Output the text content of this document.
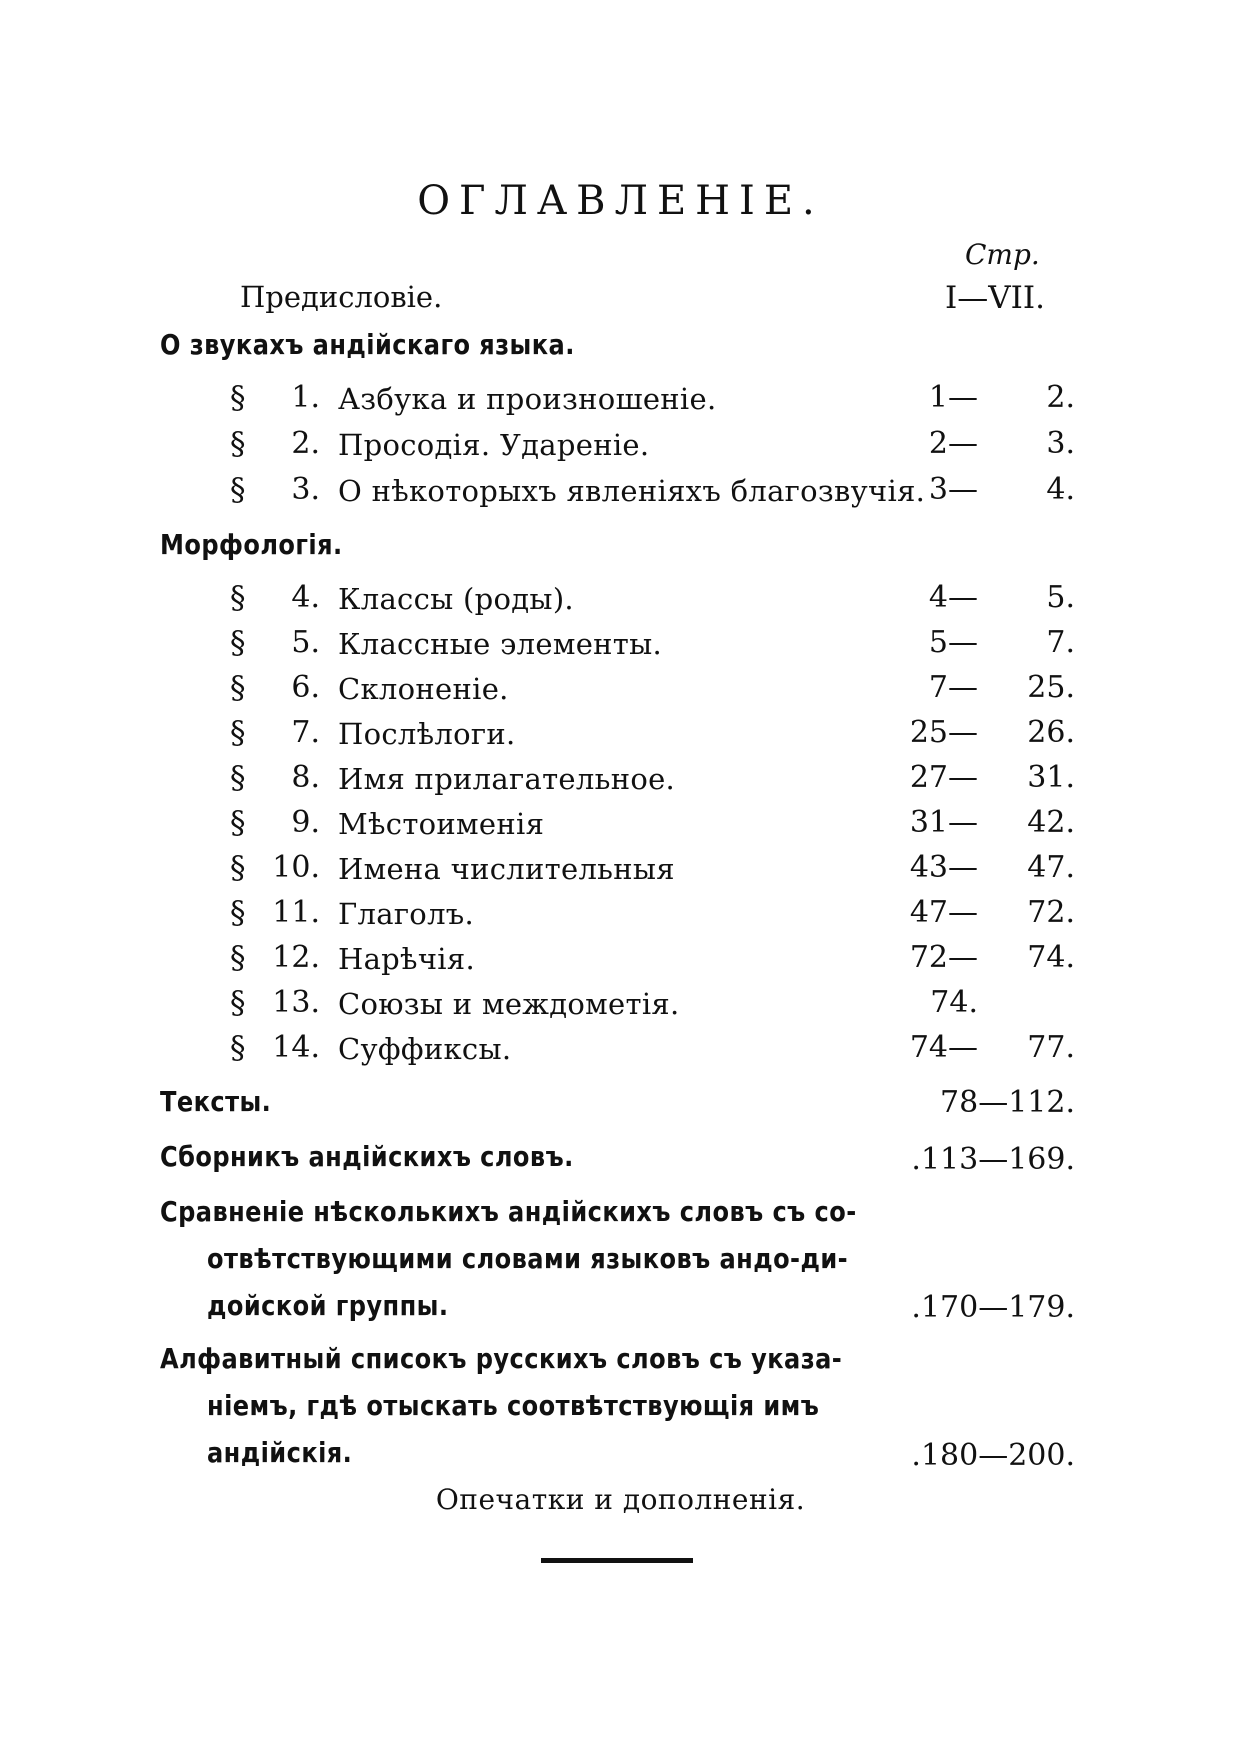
ОГЛАВЛЕНIЕ.
Стр.
Предисловіе.	I—VII.
О звукахъ андійскаго языка.
§	1. Азбука и произношеніе.	1—	2.
§	2. Просодія. Удареніе.	2—	3.
§	3. О нѣкоторыхъ явленіяхъ благозвучія. 3—	4.
Морфологія.
§	4. Классы (роды).	4—	5.
§	5. Классные элементы.	5—	7.
§	6. Склоненіе.	7—	25.
§	7. Послѣлоги.	25—	26.
§	8. Имя прилагательное.	27—	31.
§	9. Мѣстоименія	31—	42.
§ 10. Имена числительныя	43—	47.
§ 11. Глаголъ.	47—	72.
§ 12. Нарѣчія.	72—	74.
§ 13. Союзы и междометія.	74.
§ 14. Суффиксы.	74—	77.
Тексты.	78—112.
Сборникъ андійскихъ словъ.	.113—169.
Сравненіе нѣсколькихъ андійскихъ словъ съ со-
отвѣтствующими словами языковъ андо-ди-
дойской группы.	.170—179.
Алфавитный списокъ русскихъ словъ съ указа-
ніемъ, гдѣ отыскать соотвѣтствующія имъ
андійскія.	.180—200.
Опечатки и дополненія.
